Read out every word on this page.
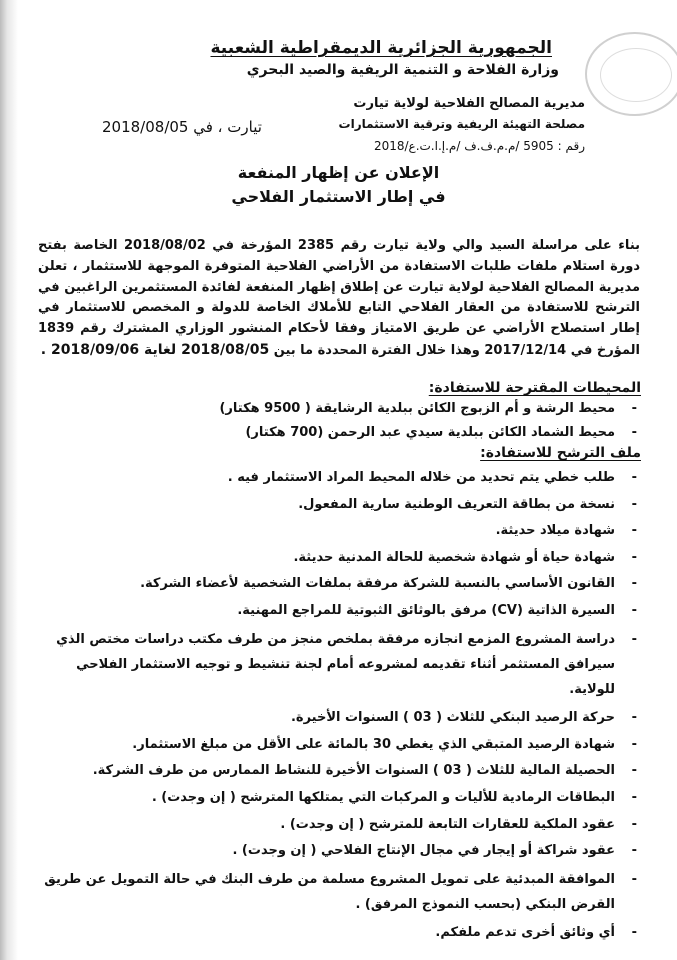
الجمهورية الجزائرية الديمقراطية الشعبية
وزارة الفلاحة و التنمية الريفية والصيد البحري
مديرية المصالح الفلاحية لولاية تيارت
مصلحة التهيئة الريفية وترقية الاستثمارات
رقم : 5905 /م.م.ف.ف /م.إ.ا.ت.ع/2018
تيارت ، في 2018/08/05
الإعلان عن إظهار المنفعة
في إطار الاستثمار الفلاحي
بناء على مراسلة السيد والي ولاية تيارت رقم 2385 المؤرخة في 2018/08/02 الخاصة بفتح دورة استلام ملفات طلبات الاستفادة من الأراضي الفلاحية المتوفرة الموجهة للاستثمار ، تعلن مديرية المصالح الفلاحية لولاية تيارت عن إطلاق إظهار المنفعة لفائدة المستثمرين الراغبين في الترشح للاستفادة من العقار الفلاحي التابع للأملاك الخاصة للدولة و المخصص للاستثمار في إطار استصلاح الأراضي عن طريق الامتياز وفقا لأحكام المنشور الوزاري المشترك رقم 1839 المؤرخ في 2017/12/14 وهذا خلال الفترة المحددة ما بين 2018/08/05 لغاية 2018/09/06 .
المحيطات المقترحة للاستفادة:
-
محيط الرشة و أم الزبوج الكائن ببلدية الرشايقة ( 9500 هكتار)
-
محيط الشماد الكائن ببلدية سيدي عبد الرحمن (700 هكتار)
ملف الترشح للاستفادة:
-
طلب خطي يتم تحديد من خلاله المحيط المراد الاستثمار فيه .
-
نسخة من بطاقة التعريف الوطنية سارية المفعول.
-
شهادة ميلاد حديثة.
-
شهادة حياة أو شهادة شخصية للحالة المدنية حديثة.
-
القانون الأساسي بالنسبة للشركة مرفقة بملفات الشخصية لأعضاء الشركة.
-
السيرة الذاتية (CV) مرفق بالوثائق الثبوتية للمراجع المهنية.
-
دراسة المشروع المزمع انجازه مرفقة بملخص منجز من طرف مكتب دراسات مختص الذي سيرافق المستثمر أثناء تقديمه لمشروعه أمام لجنة تنشيط و توجيه الاستثمار الفلاحي للولاية.
-
حركة الرصيد البنكي للثلاث ( 03 ) السنوات الأخيرة.
-
شهادة الرصيد المتبقي الذي يغطي 30 بالمائة على الأقل من مبلغ الاستثمار.
-
الحصيلة المالية للثلاث ( 03 ) السنوات الأخيرة للنشاط الممارس من طرف الشركة.
-
البطاقات الرمادية للأليات و المركبات التي يمتلكها المترشح ( إن وجدت) .
-
عقود الملكية للعقارات التابعة للمترشح ( إن وجدت) .
-
عقود شراكة أو إيجار في مجال الإنتاج الفلاحي ( إن وجدت) .
-
الموافقة المبدئية على تمويل المشروع مسلمة من طرف البنك في حالة التمويل عن طريق القرض البنكي (بحسب النموذج المرفق) .
-
أي وثائق أخرى تدعم ملفكم.
